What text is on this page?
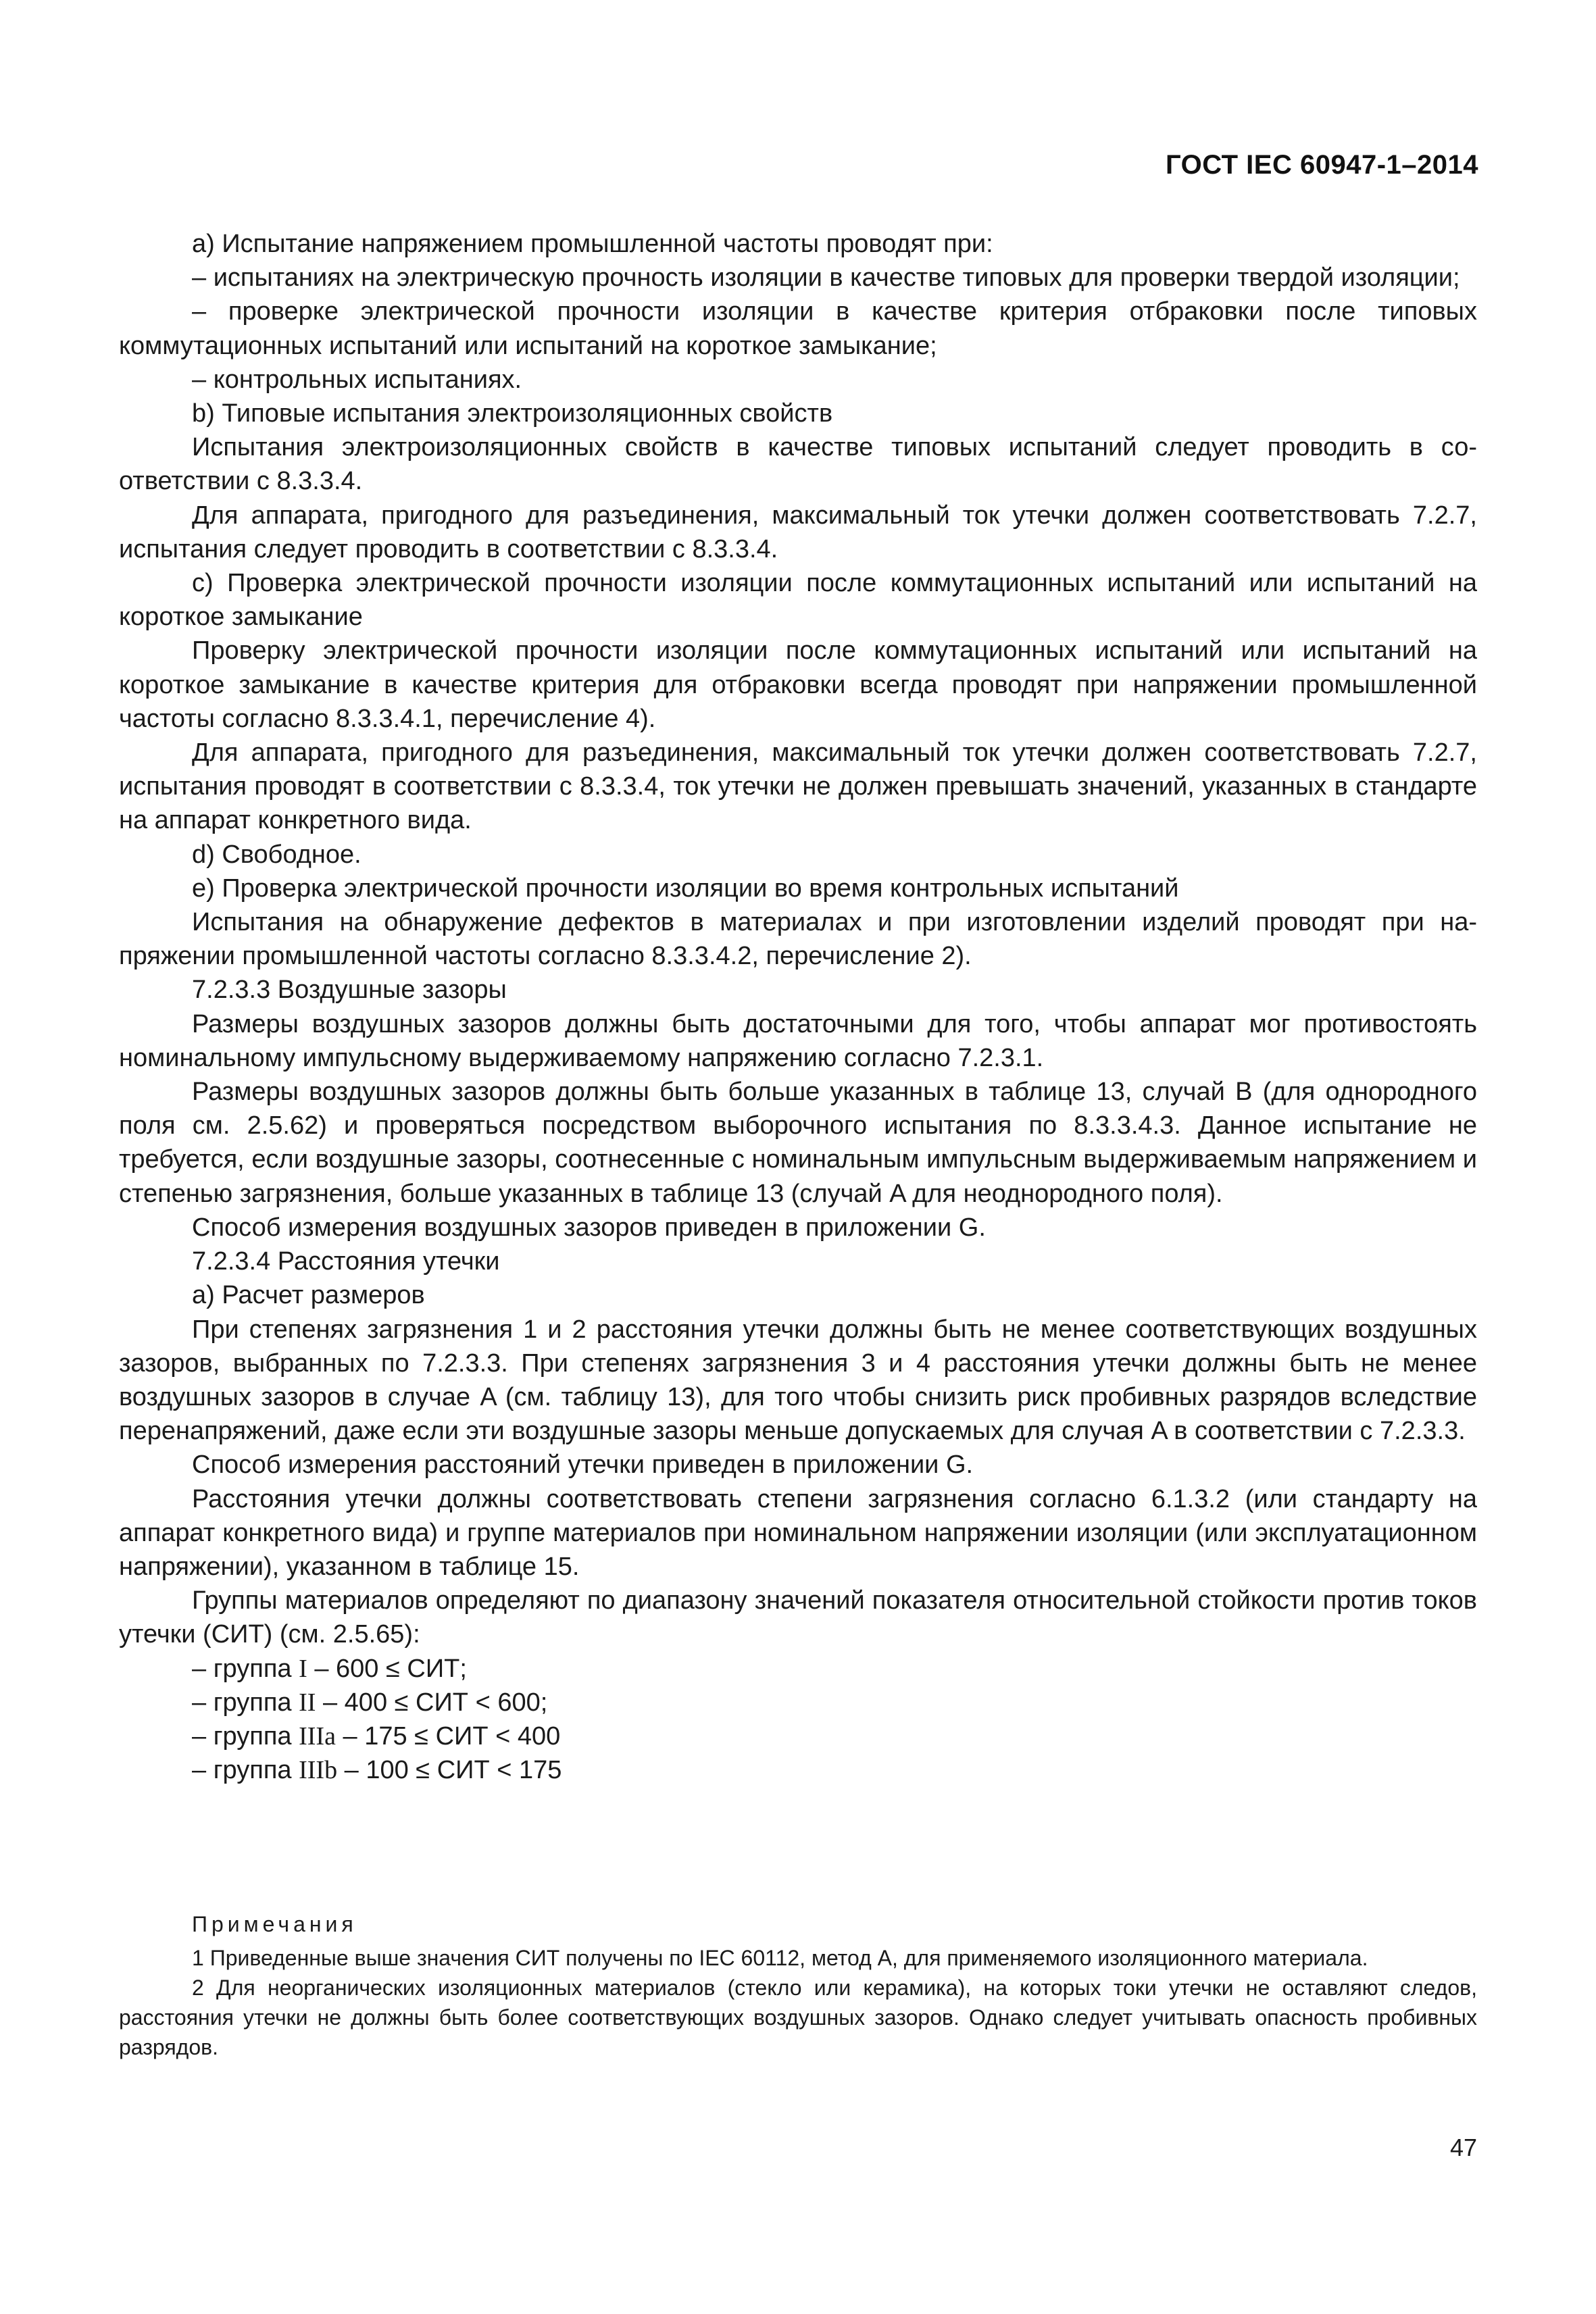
ГОСТ IEC 60947-1–2014

a) Испытание напряжением промышленной частоты проводят при:

– испытаниях на электрическую прочность изоляции в качестве типовых для проверки твердой изоляции;

– проверке электрической прочности изоляции в качестве критерия отбраковки после типовых коммутационных испытаний или испытаний на короткое замыкание;

– контрольных испытаниях.

b) Типовые испытания электроизоляционных свойств

Испытания электроизоляционных свойств в качестве типовых испытаний следует проводить в соответствии с 8.3.3.4.

Для аппарата, пригодного для разъединения, максимальный ток утечки должен соответствовать 7.2.7, испытания следует проводить в соответствии с 8.3.3.4.

c) Проверка электрической прочности изоляции после коммутационных испытаний или испытаний на короткое замыкание

Проверку электрической прочности изоляции после коммутационных испытаний или испытаний на короткое замыкание в качестве критерия для отбраковки всегда проводят при напряжении промышленной частоты согласно 8.3.3.4.1, перечисление 4).

Для аппарата, пригодного для разъединения, максимальный ток утечки должен соответствовать 7.2.7, испытания проводят в соответствии с 8.3.3.4, ток утечки не должен превышать значений, указанных в стандарте на аппарат конкретного вида.

d) Свободное.

e) Проверка электрической прочности изоляции во время контрольных испытаний

Испытания на обнаружение дефектов в материалах и при изготовлении изделий проводят при напряжении промышленной частоты согласно 8.3.3.4.2, перечисление 2).

7.2.3.3 Воздушные зазоры

Размеры воздушных зазоров должны быть достаточными для того, чтобы аппарат мог противостоять номинальному импульсному выдерживаемому напряжению согласно 7.2.3.1.

Размеры воздушных зазоров должны быть больше указанных в таблице 13, случай B (для однородного поля см. 2.5.62) и проверяться посредством выборочного испытания по 8.3.3.4.3. Данное испытание не требуется, если воздушные зазоры, соотнесенные с номинальным импульсным выдерживаемым напряжением и степенью загрязнения, больше указанных в таблице 13 (случай A для неоднородного поля).

Способ измерения воздушных зазоров приведен в приложении G.

7.2.3.4 Расстояния утечки

a) Расчет размеров

При степенях загрязнения 1 и 2 расстояния утечки должны быть не менее соответствующих воздушных зазоров, выбранных по 7.2.3.3. При степенях загрязнения 3 и 4 расстояния утечки должны быть не менее воздушных зазоров в случае A (см. таблицу 13), для того чтобы снизить риск пробивных разрядов вследствие перенапряжений, даже если эти воздушные зазоры меньше допускаемых для случая A в соответствии с 7.2.3.3.

Способ измерения расстояний утечки приведен в приложении G.

Расстояния утечки должны соответствовать степени загрязнения согласно 6.1.3.2 (или стандарту на аппарат конкретного вида) и группе материалов при номинальном напряжении изоляции (или эксплуатационном напряжении), указанном в таблице 15.

Группы материалов определяют по диапазону значений показателя относительной стойкости против токов утечки (СИТ) (см. 2.5.65):

– группа I – 600 ≤ СИТ;

– группа II – 400 ≤ СИТ < 600;

– группа IIIa – 175 ≤ СИТ < 400

– группа IIIb – 100 ≤ СИТ < 175

Примечания

1 Приведенные выше значения СИТ получены по IEC 60112, метод А, для применяемого изоляционного материала.

2 Для неорганических изоляционных материалов (стекло или керамика), на которых токи утечки не оставляют следов, расстояния утечки не должны быть более соответствующих воздушных зазоров. Однако следует учитывать опасность пробивных разрядов.

47
